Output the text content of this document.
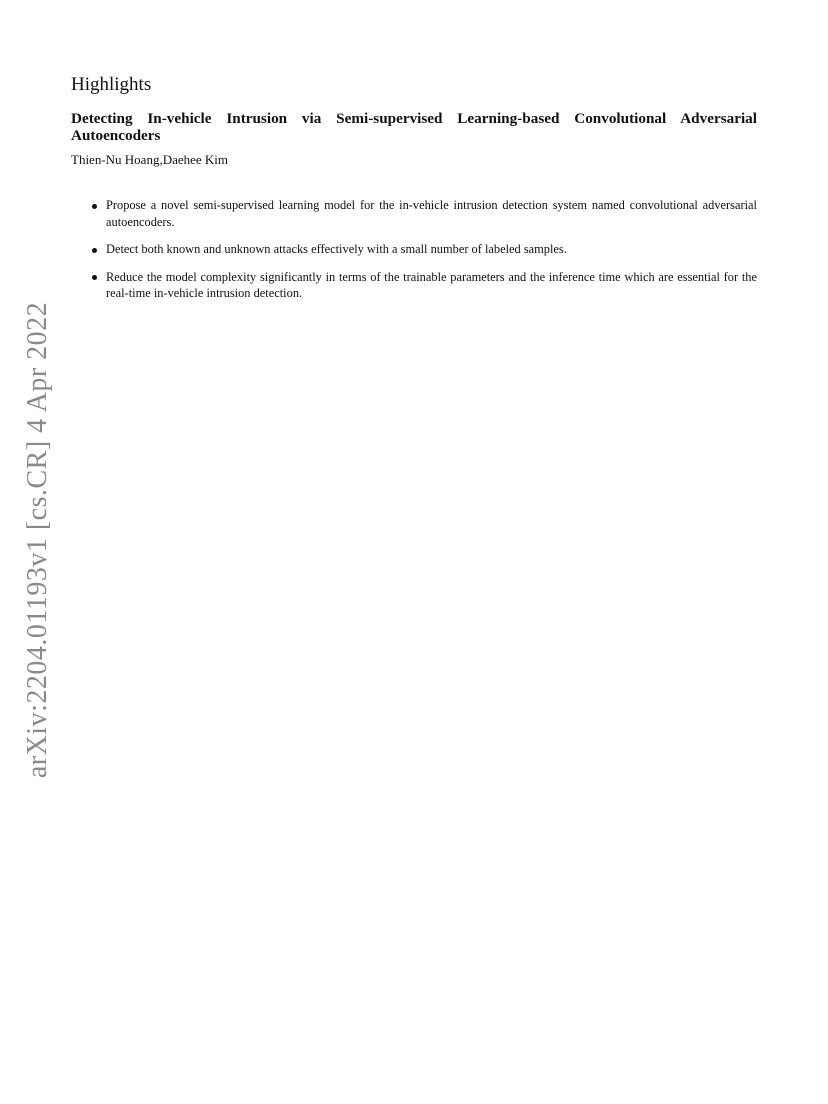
arXiv:2204.01193v1 [cs.CR] 4 Apr 2022
Highlights
Detecting In-vehicle Intrusion via Semi-supervised Learning-based Convolutional Adversarial Autoencoders

Thien-Nu Hoang,Daehee Kim

Propose a novel semi-supervised learning model for the in-vehicle intrusion detection system named convolutional adversarial autoencoders.
Detect both known and unknown attacks effectively with a small number of labeled samples.
Reduce the model complexity significantly in terms of the trainable parameters and the inference time which are essential for the real-time in-vehicle intrusion detection.
